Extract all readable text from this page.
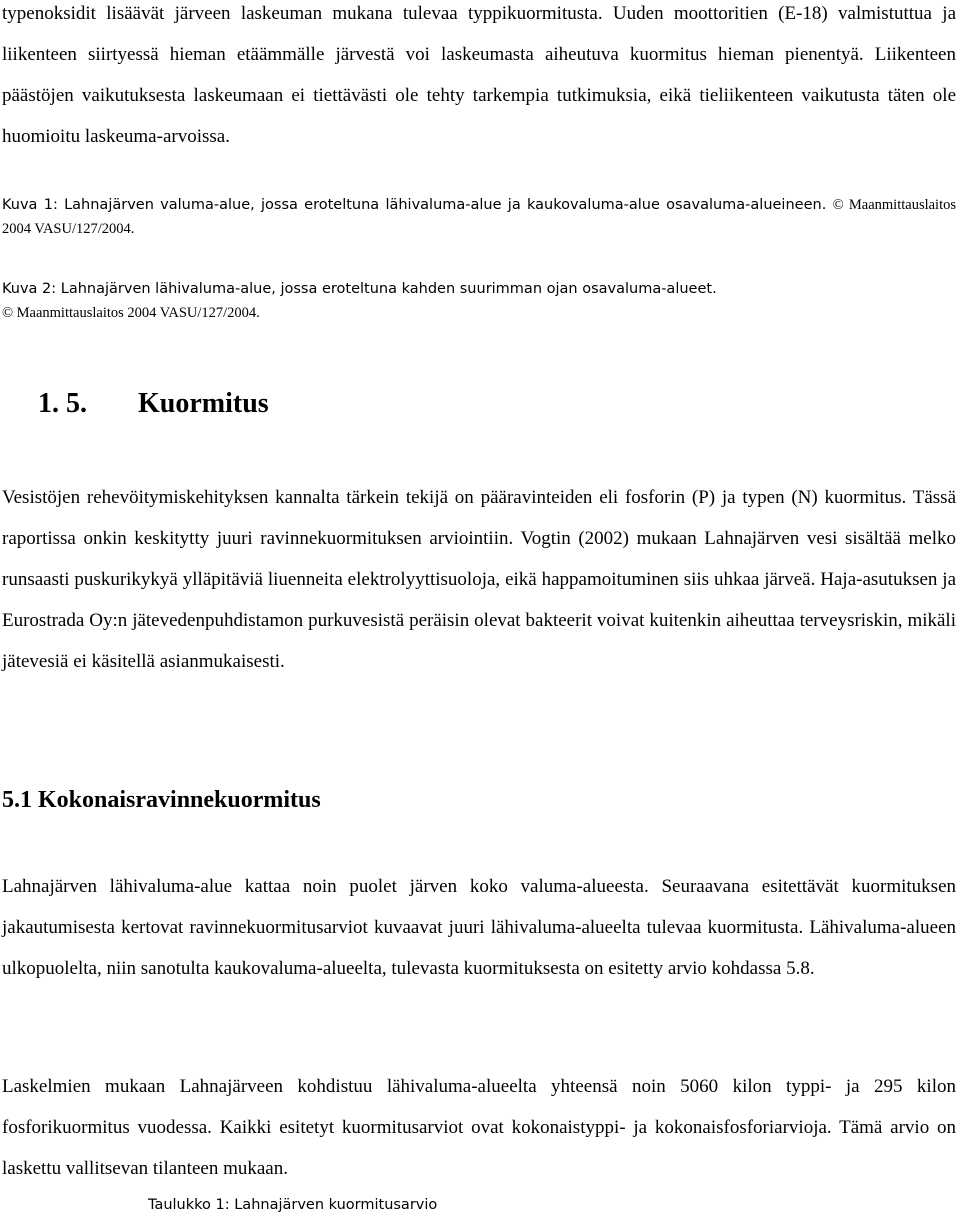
typenoksidit lisäävät järveen laskeuman mukana tulevaa typpikuormitusta. Uuden moottoritien (E-18) valmistuttua ja liikenteen siirtyessä hieman etäämmälle järvestä voi laskeumasta aiheutuva kuormitus hieman pienentyä. Liikenteen päästöjen vaikutuksesta laskeumaan ei tiettävästi ole tehty tarkempia tutkimuksia, eikä tieliikenteen vaikutusta täten ole huomioitu laskeuma-arvoissa.

Kuva 1: Lahnajärven valuma-alue, jossa eroteltuna lähivaluma-alue ja kaukovaluma-alue osavaluma-alueineen. © Maanmittauslaitos 2004 VASU/127/2004.

Kuva 2: Lahnajärven lähivaluma-alue, jossa eroteltuna kahden suurimman ojan osavaluma-alueet.
© Maanmittauslaitos 2004 VASU/127/2004.

1. 5. Kuormitus

Vesistöjen rehevöitymiskehityksen kannalta tärkein tekijä on pääravinteiden eli fosforin (P) ja typen (N) kuormitus. Tässä raportissa onkin keskitytty juuri ravinnekuormituksen arviointiin. Vogtin (2002) mukaan Lahnajärven vesi sisältää melko runsaasti puskurikykyä ylläpitäviä liuenneita elektrolyyttisuoloja, eikä happamoituminen siis uhkaa järveä. Haja-asutuksen ja Eurostrada Oy:n jätevedenpuhdistamon purkuvesistä peräisin olevat bakteerit voivat kuitenkin aiheuttaa terveysriskin, mikäli jätevesiä ei käsitellä asianmukaisesti.

5.1 Kokonaisravinnekuormitus

Lahnajärven lähivaluma-alue kattaa noin puolet järven koko valuma-alueesta. Seuraavana esitettävät kuormituksen jakautumisesta kertovat ravinnekuormitusarviot kuvaavat juuri lähivaluma-alueelta tulevaa kuormitusta. Lähivaluma-alueen ulkopuolelta, niin sanotulta kaukovaluma-alueelta, tulevasta kuormituksesta on esitetty arvio kohdassa 5.8.

Laskelmien mukaan Lahnajärveen kohdistuu lähivaluma-alueelta yhteensä noin 5060 kilon typpi- ja 295 kilon fosforikuormitus vuodessa. Kaikki esitetyt kuormitusarviot ovat kokonaistyppi- ja kokonaisfosforiarvioja. Tämä arvio on laskettu vallitsevan tilanteen mukaan.

Taulukko 1: Lahnajärven kuormitusarvio
